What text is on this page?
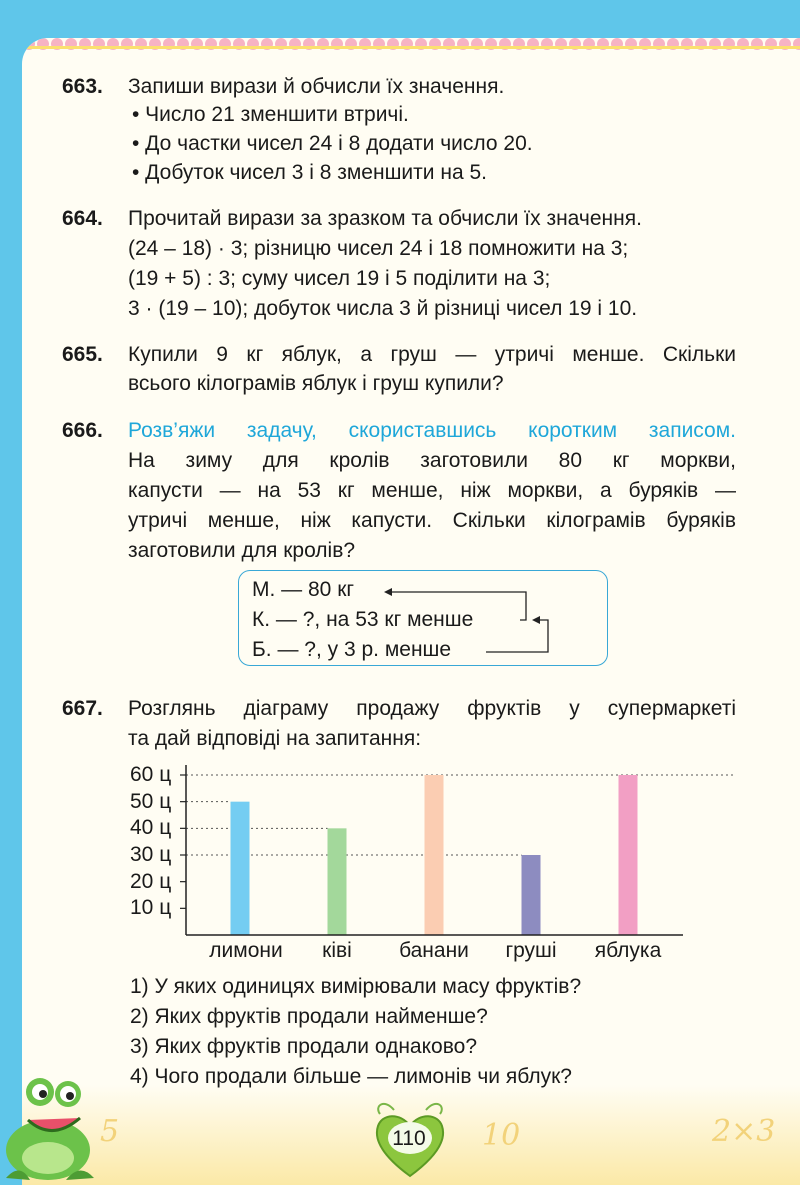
5	10	2×3
663. Запиши вирази й обчисли їх значення.
• Число 21 зменшити втричі.
• До частки чисел 24 і 8 додати число 20.
• Добуток чисел 3 і 8 зменшити на 5.
664. Прочитай вирази за зразком та обчисли їх значення.
(24 – 18) · 3; різницю чисел 24 і 18 помножити на 3;
(19 + 5) : 3; суму чисел 19 і 5 поділити на 3;
3 · (19 – 10); добуток числа 3 й різниці чисел 19 і 10.
665. Купили 9 кг яблук, а груш — утричі менше. Скільки
всього кілограмів яблук і груш купили?
666. Розв’яжи задачу, скориставшись коротким записом.
На зиму для кролів заготовили 80 кг моркви,
капусти — на 53 кг менше, ніж моркви, а буряків —
утричі менше, ніж капусти. Скільки кілограмів буряків
заготовили для кролів?
М. — 80 кг
К. — ?, на 53 кг менше
Б. — ?, у 3 р. менше
667. Розглянь діаграму продажу фруктів у супермаркеті
та дай відповіді на запитання:
10 ц
20 ц
30 ц
40 ц
50 ц
60 ц
лимони	ківі	банани	груші	яблука
1) У яких одиницях вимірювали масу фруктів?
2) Яких фруктів продали найменше?
3) Яких фруктів продали однаково?
4) Чого продали більше — лимонів чи яблук?
110
